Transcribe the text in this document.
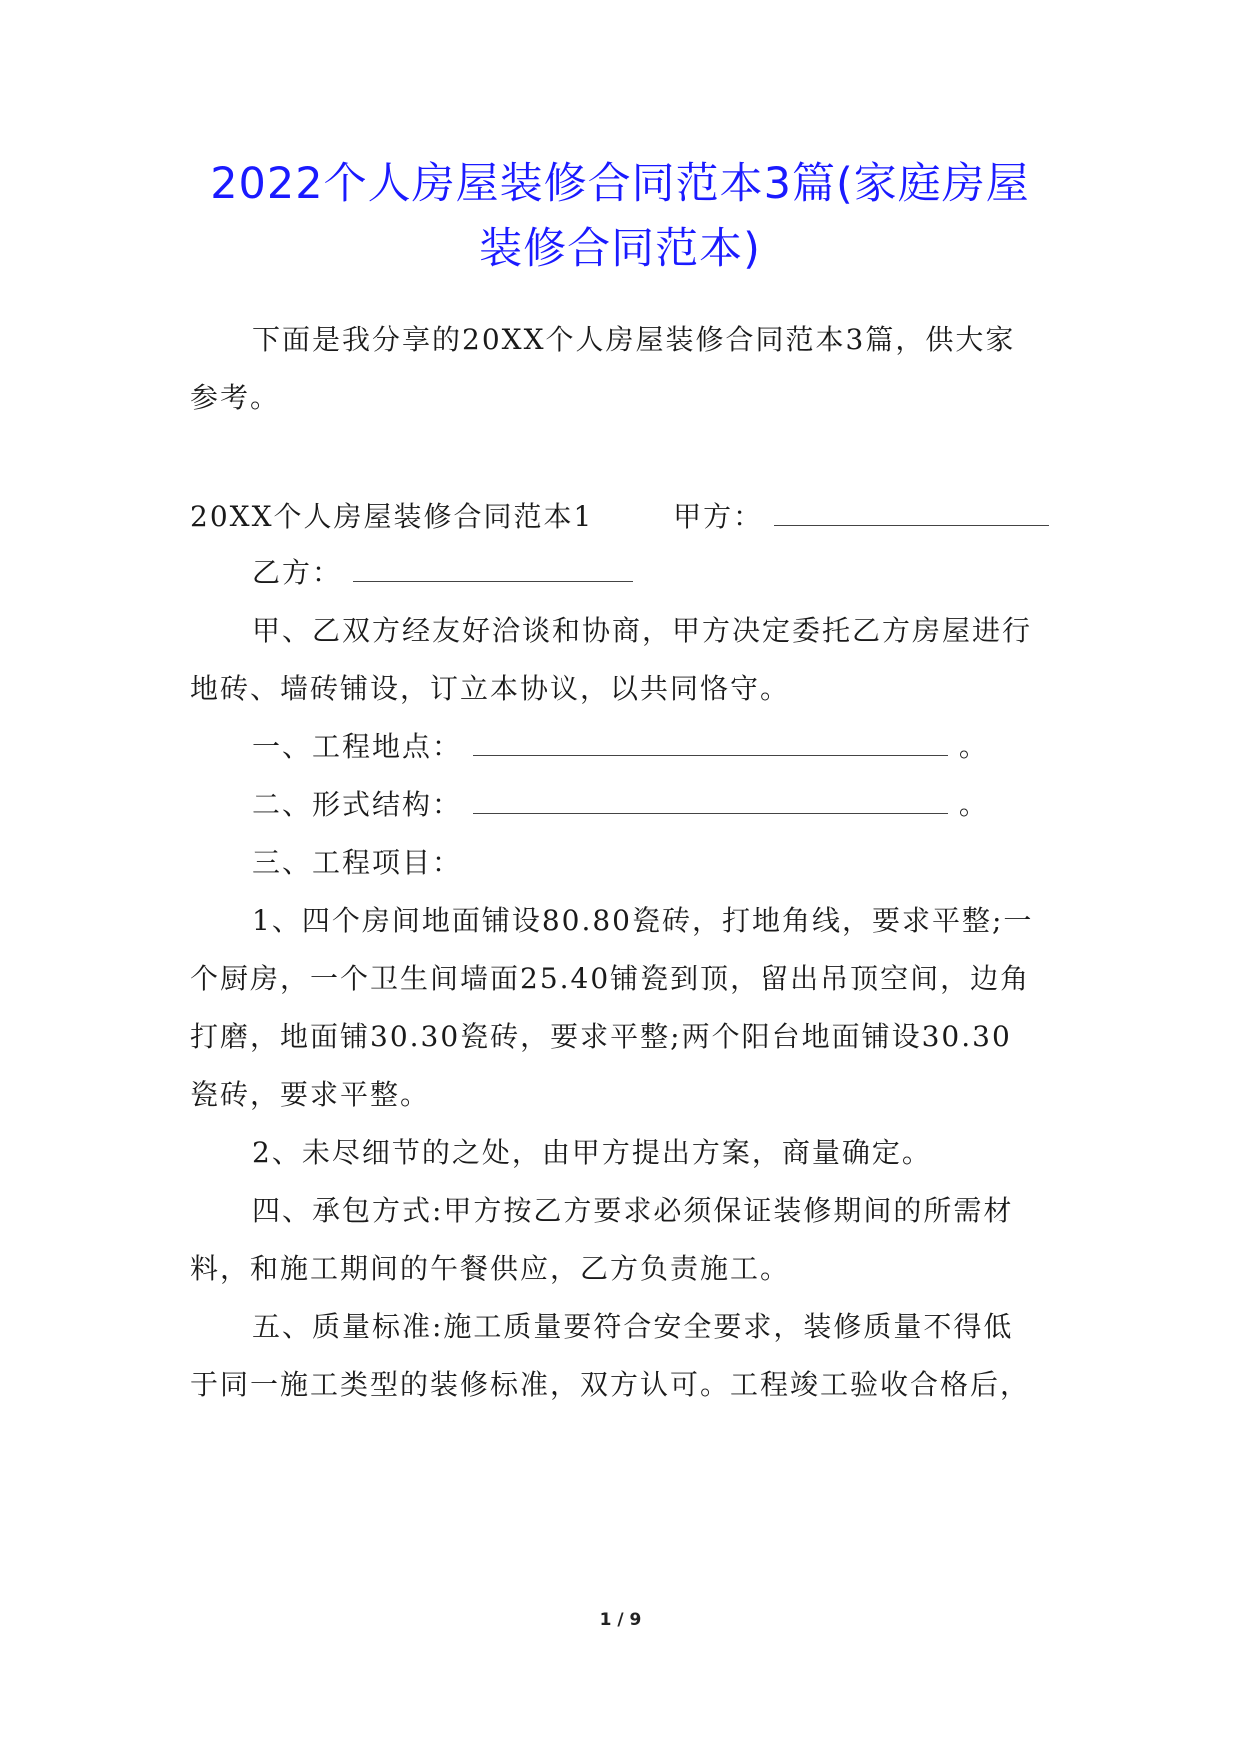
2022个人房屋装修合同范本3篇(家庭房屋
装修合同范本)
下面是我分享的20XX个人房屋装修合同范本3篇，供大家
参考。
20XX个人房屋装修合同范本1	甲方：
乙方：
甲、乙双方经友好洽谈和协商，甲方决定委托乙方房屋进行
地砖、墙砖铺设，订立本协议，以共同恪守。
一、工程地点：	。
二、形式结构：	。
三、工程项目：
1、四个房间地面铺设80.80瓷砖，打地角线，要求平整;一
个厨房，一个卫生间墙面25.40铺瓷到顶，留出吊顶空间，边角
打磨，地面铺30.30瓷砖，要求平整;两个阳台地面铺设30.30
瓷砖，要求平整。
2、未尽细节的之处，由甲方提出方案，商量确定。
四、承包方式:甲方按乙方要求必须保证装修期间的所需材
料，和施工期间的午餐供应，乙方负责施工。
五、质量标准:施工质量要符合安全要求，装修质量不得低
于同一施工类型的装修标准，双方认可。工程竣工验收合格后，
1 / 9
